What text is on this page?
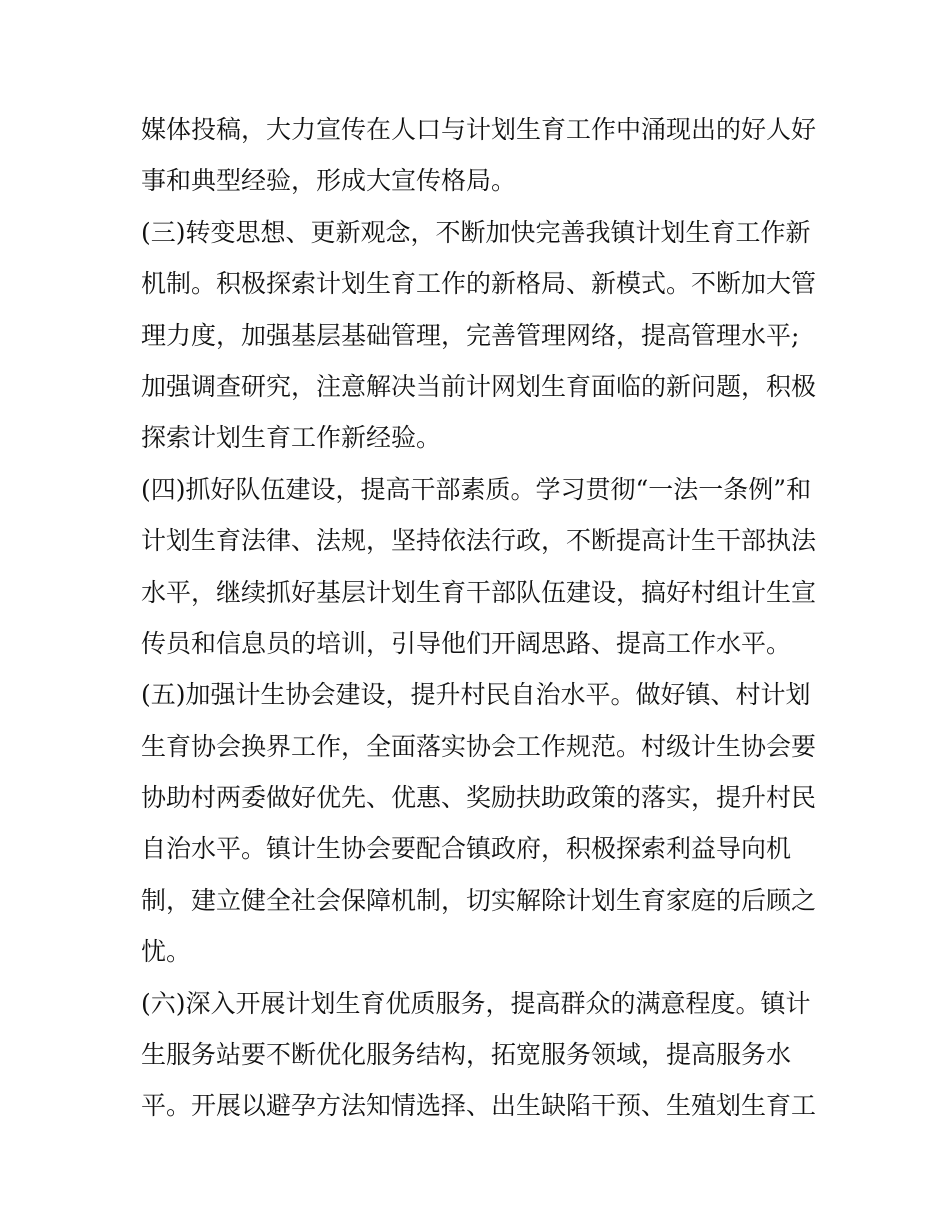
媒体投稿，大力宣传在人口与计划生育工作中涌现出的好人好
事和典型经验，形成大宣传格局。
(三)转变思想、更新观念，不断加快完善我镇计划生育工作新
机制。积极探索计划生育工作的新格局、新模式。不断加大管
理力度，加强基层基础管理，完善管理网络，提高管理水平;
加强调查研究，注意解决当前计网划生育面临的新问题，积极
探索计划生育工作新经验。
(四)抓好队伍建设，提高干部素质。学习贯彻“一法一条例”和
计划生育法律、法规，坚持依法行政，不断提高计生干部执法
水平，继续抓好基层计划生育干部队伍建设，搞好村组计生宣
传员和信息员的培训，引导他们开阔思路、提高工作水平。
(五)加强计生协会建设，提升村民自治水平。做好镇、村计划
生育协会换界工作，全面落实协会工作规范。村级计生协会要
协助村两委做好优先、优惠、奖励扶助政策的落实，提升村民
自治水平。镇计生协会要配合镇政府，积极探索利益导向机
制，建立健全社会保障机制，切实解除计划生育家庭的后顾之
忧。
(六)深入开展计划生育优质服务，提高群众的满意程度。镇计
生服务站要不断优化服务结构，拓宽服务领域，提高服务水
平。开展以避孕方法知情选择、出生缺陷干预、生殖划生育工
